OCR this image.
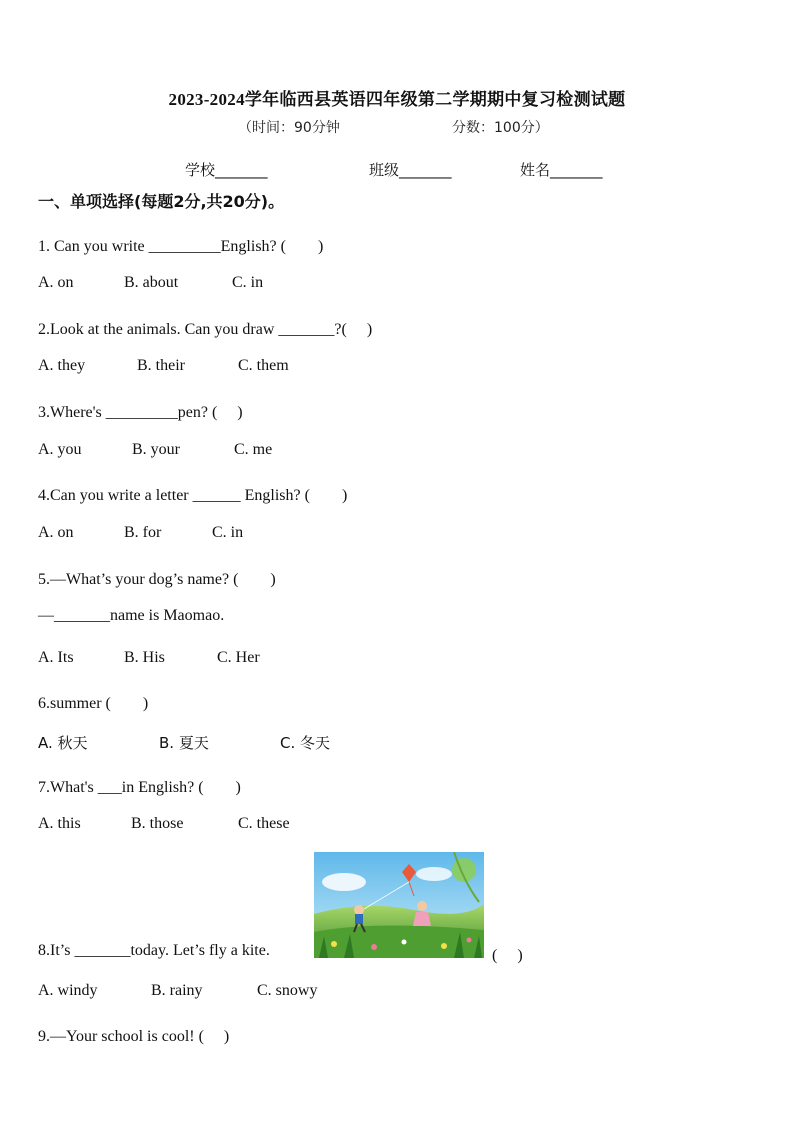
2023-2024学年临西县英语四年级第二学期期中复习检测试题
（时间：90分钟	分数：100分）
学校_______	班级_______	姓名_______
一、单项选择(每题2分,共20分)。
1. Can you write _________English? (　　)
A. on	B. about	C. in
2.Look at the animals. Can you draw _______?(　 )
A. they	B. their	C. them
3.Where's _________pen? (　 )
A. you	B. your	C. me
4.Can you write a letter ______ English? (　　)
A. on	B. for	C. in
5.—What’s your dog’s name? (　　)
—_______name is Maomao.
A. Its	B. His	C. Her
6.summer (　　)
A. 秋天	B. 夏天	C. 冬天
7.What's ___in English? (　　)
A. this	B. those	C. these
8.It’s _______today. Let’s fly a kite.	(　 )
A. windy	B. rainy	C. snowy
9.—Your school is cool! (　 )
